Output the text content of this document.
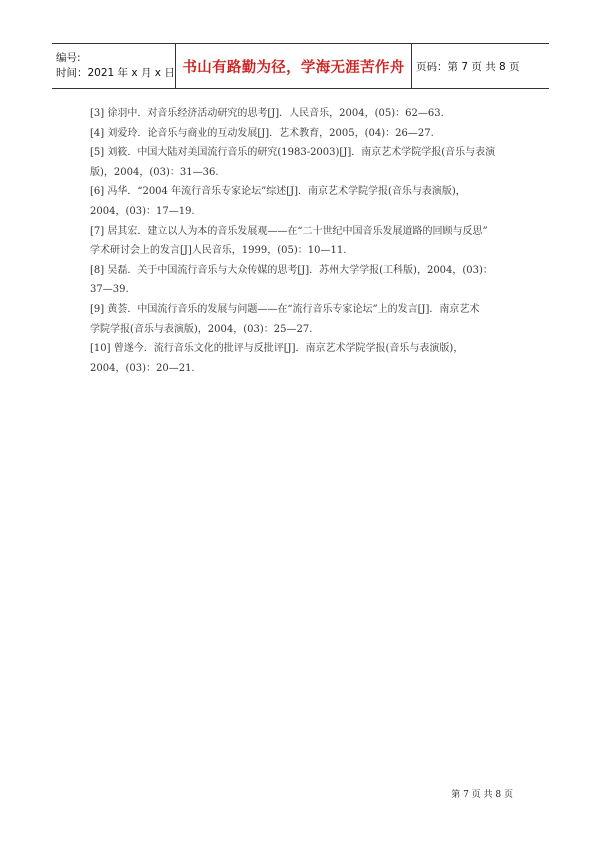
编号:
时间：2021 年 x 月 x 日 书山有路勤为径，学海无涯苦作舟 页码：第 7 页 共 8 页

[3] 徐羽中．对音乐经济活动研究的思考[J]．人民音乐，2004，(05)：62—63.

[4] 刘爱玲．论音乐与商业的互动发展[J]．艺术教育，2005，(04)：26—27.

[5] 刘筱．中国大陆对美国流行音乐的研究(1983-2003)[J]．南京艺术学院学报(音乐与表演

版)，2004，(03)：31—36.

[6] 冯华．“2004 年流行音乐专家论坛”综述[J]．南京艺术学院学报(音乐与表演版)，

2004，(03)：17—19.

[7] 居其宏．建立以人为本的音乐发展观——在“二十世纪中国音乐发展道路的回顾与反思”

学术研讨会上的发言[J]人民音乐，1999，(05)：10—11.

[8] 吴磊．关于中国流行音乐与大众传媒的思考[J]．苏州大学学报(工科版)，2004，(03)：

37—39.

[9] 黄荟．中国流行音乐的发展与问题——在“流行音乐专家论坛”上的发言[J]．南京艺术

学院学报(音乐与表演版)，2004，(03)：25—27.

[10] 曾遂今．流行音乐文化的批评与反批评[J]．南京艺术学院学报(音乐与表演版)，

2004，(03)：20—21.

第 7 页 共 8 页
